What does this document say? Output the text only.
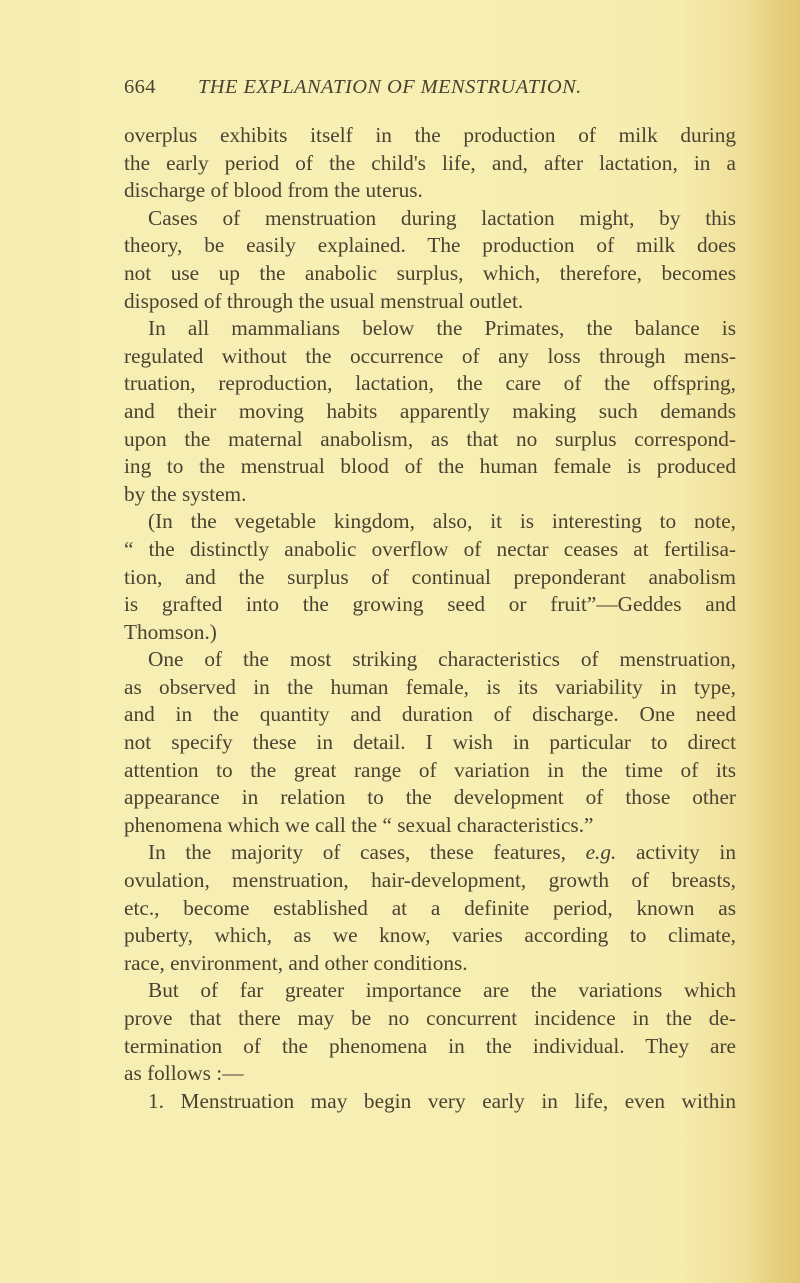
664 THE EXPLANATION OF MENSTRUATION.
overplus exhibits itself in the production of milk during
the early period of the child's life, and, after lactation, in a
discharge of blood from the uterus.
Cases of menstruation during lactation might, by this
theory, be easily explained. The production of milk does
not use up the anabolic surplus, which, therefore, becomes
disposed of through the usual menstrual outlet.
In all mammalians below the Primates, the balance is
regulated without the occurrence of any loss through mens-
truation, reproduction, lactation, the care of the offspring,
and their moving habits apparently making such demands
upon the maternal anabolism, as that no surplus correspond-
ing to the menstrual blood of the human female is produced
by the system.
(In the vegetable kingdom, also, it is interesting to note,
“ the distinctly anabolic overflow of nectar ceases at fertilisa-
tion, and the surplus of continual preponderant anabolism
is grafted into the growing seed or fruit”—Geddes and
Thomson.)
One of the most striking characteristics of menstruation,
as observed in the human female, is its variability in type,
and in the quantity and duration of discharge. One need
not specify these in detail. I wish in particular to direct
attention to the great range of variation in the time of its
appearance in relation to the development of those other
phenomena which we call the “ sexual characteristics.”
In the majority of cases, these features, e.g. activity in
ovulation, menstruation, hair-development, growth of breasts,
etc., become established at a definite period, known as
puberty, which, as we know, varies according to climate,
race, environment, and other conditions.
But of far greater importance are the variations which
prove that there may be no concurrent incidence in the de-
termination of the phenomena in the individual. They are
as follows :—
1. Menstruation may begin very early in life, even within
